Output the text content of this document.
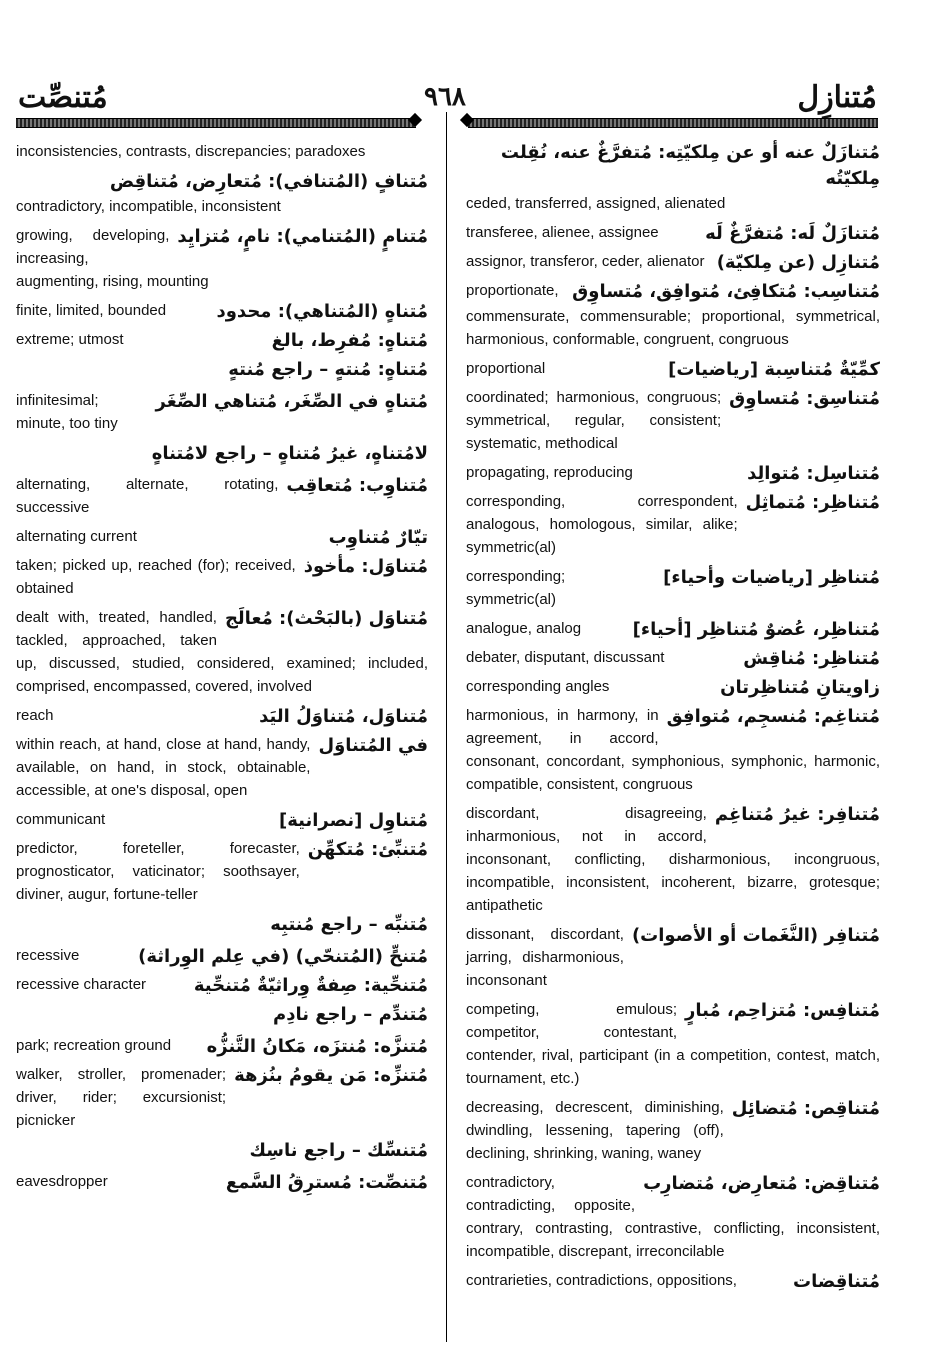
مُتنصِّت	٩٦٨	مُتنازِل
inconsistencies, contrasts, discrepancies; paradoxes
مُتنافٍ (المُتنافي): مُتعارِض، مُتناقِض
contradictory, incompatible, inconsistent
مُتنامٍ (المُتنامي): نامٍ، مُتزايِد
growing, developing, increasing, augmenting, rising, mounting
مُتناهٍ (المُتناهي): محدود
finite, limited, bounded
مُتناهٍ: مُفرِط، بالغ
extreme; utmost
مُتناهٍ: مُنتهٍ – راجع مُنتهٍ
مُتناهٍ في الصِّغَر، مُتناهي الصِّغَر
infinitesimal; minute, too tiny
لامُتناهٍ، غيرُ مُتناهٍ – راجع لامُتناهٍ
مُتناوِب: مُتعاقِب
alternating, alternate, rotating, successive
تيّارٌ مُتناوِب
alternating current
مُتناوَل: مأخوذ
taken; picked up, reached (for); received, obtained
مُتناوَل (بالبَحْث): مُعالَج
dealt with, treated, handled, tackled, approached, taken up, discussed, studied, considered, examined; included, comprised, encompassed, covered, involved
مُتناوَل، مُتناوَلُ اليَد
reach
في المُتناوَل
within reach, at hand, close at hand, handy, available, on hand, in stock, obtainable, accessible, at one's disposal, open
مُتناوِل [نصرانية]
communicant
مُتنبِّئ: مُتكهِّن
predictor, foreteller, forecaster, prognosticator, vaticinator; soothsayer, diviner, augur, fortune-teller
مُتنبِّه – راجع مُنتبِه
مُتنحٍّ (المُتنحّي) (في عِلم الوِراثة)
recessive
مُتنحِّية: صِفةٌ وِراثيّةٌ مُتنحِّية
recessive character
مُتندِّم – راجع نادِم
مُتنزَّه: مُنتزَه، مَكانُ التَّنزُّه
park; recreation ground
مُتنزِّه: مَن يقومُ بنُزهة
walker, stroller, promenader; driver, rider; excursionist; picnicker
مُتنسِّك – راجع ناسِك
مُتنصِّت: مُسترِقُ السَّمع
eavesdropper
مُتنازَلٌ عنه أو عن مِلكيّتِه: مُتفرَّغٌ عنه، نُقِلت مِلكيّتُه
ceded, transferred, assigned, alienated
مُتنازَلٌ لَه: مُتفرَّغٌ لَه
transferee, alienee, assignee
مُتنازِل (عن مِلكيّة)
assignor, transferor, ceder, alienator
مُتناسِب: مُتكافِئ، مُتوافِق، مُتساوِق
proportionate, commensurate, commensurable; proportional, symmetrical, harmonious, conformable, congruent, congruous
كمِّيّةٌ مُتناسِبة [رياضيات]
proportional
مُتناسِق: مُتساوِق
coordinated; harmonious, congruous; symmetrical, regular, consistent; systematic, methodical
مُتناسِل: مُتوالِد
propagating, reproducing
مُتناظِر: مُتماثِل
corresponding, correspondent, analogous, homologous, similar, alike; symmetric(al)
مُتناظِر [رياضيات وأحياء]
corresponding; symmetric(al)
مُتناظِر، عُضوٌ مُتناظِر [أحياء]
analogue, analog
مُتناظِر: مُناقِش
debater, disputant, discussant
زاويتانِ مُتناظِرتان
corresponding angles
مُتناغِم: مُنسجِم، مُتوافِق
harmonious, in harmony, in agreement, in accord, consonant, concordant, symphonious, symphonic, harmonic, compatible, consistent, congruous
مُتنافِر: غيرُ مُتناغِم
discordant, disagreeing, inharmonious, not in accord, inconsonant, conflicting, disharmonious, incongruous, incompatible, inconsistent, incoherent, bizarre, grotesque; antipathetic
مُتنافِر (النَّغَمات أو الأصوات)
dissonant, discordant, jarring, disharmonious, inconsonant
مُتنافِس: مُتزاحِم، مُبارٍ
competing, emulous; competitor, contestant, contender, rival, participant (in a competition, contest, match, tournament, etc.)
مُتناقِص: مُتضائِل
decreasing, decrescent, diminishing, dwindling, lessening, tapering (off), declining, shrinking, waning, waney
مُتناقِض: مُتعارِض، مُتضارِب
contradictory, contradicting, opposite, contrary, contrasting, contrastive, conflicting, inconsistent, incompatible, discrepant, irreconcilable
مُتناقِضات
contrarieties, contradictions, oppositions,
